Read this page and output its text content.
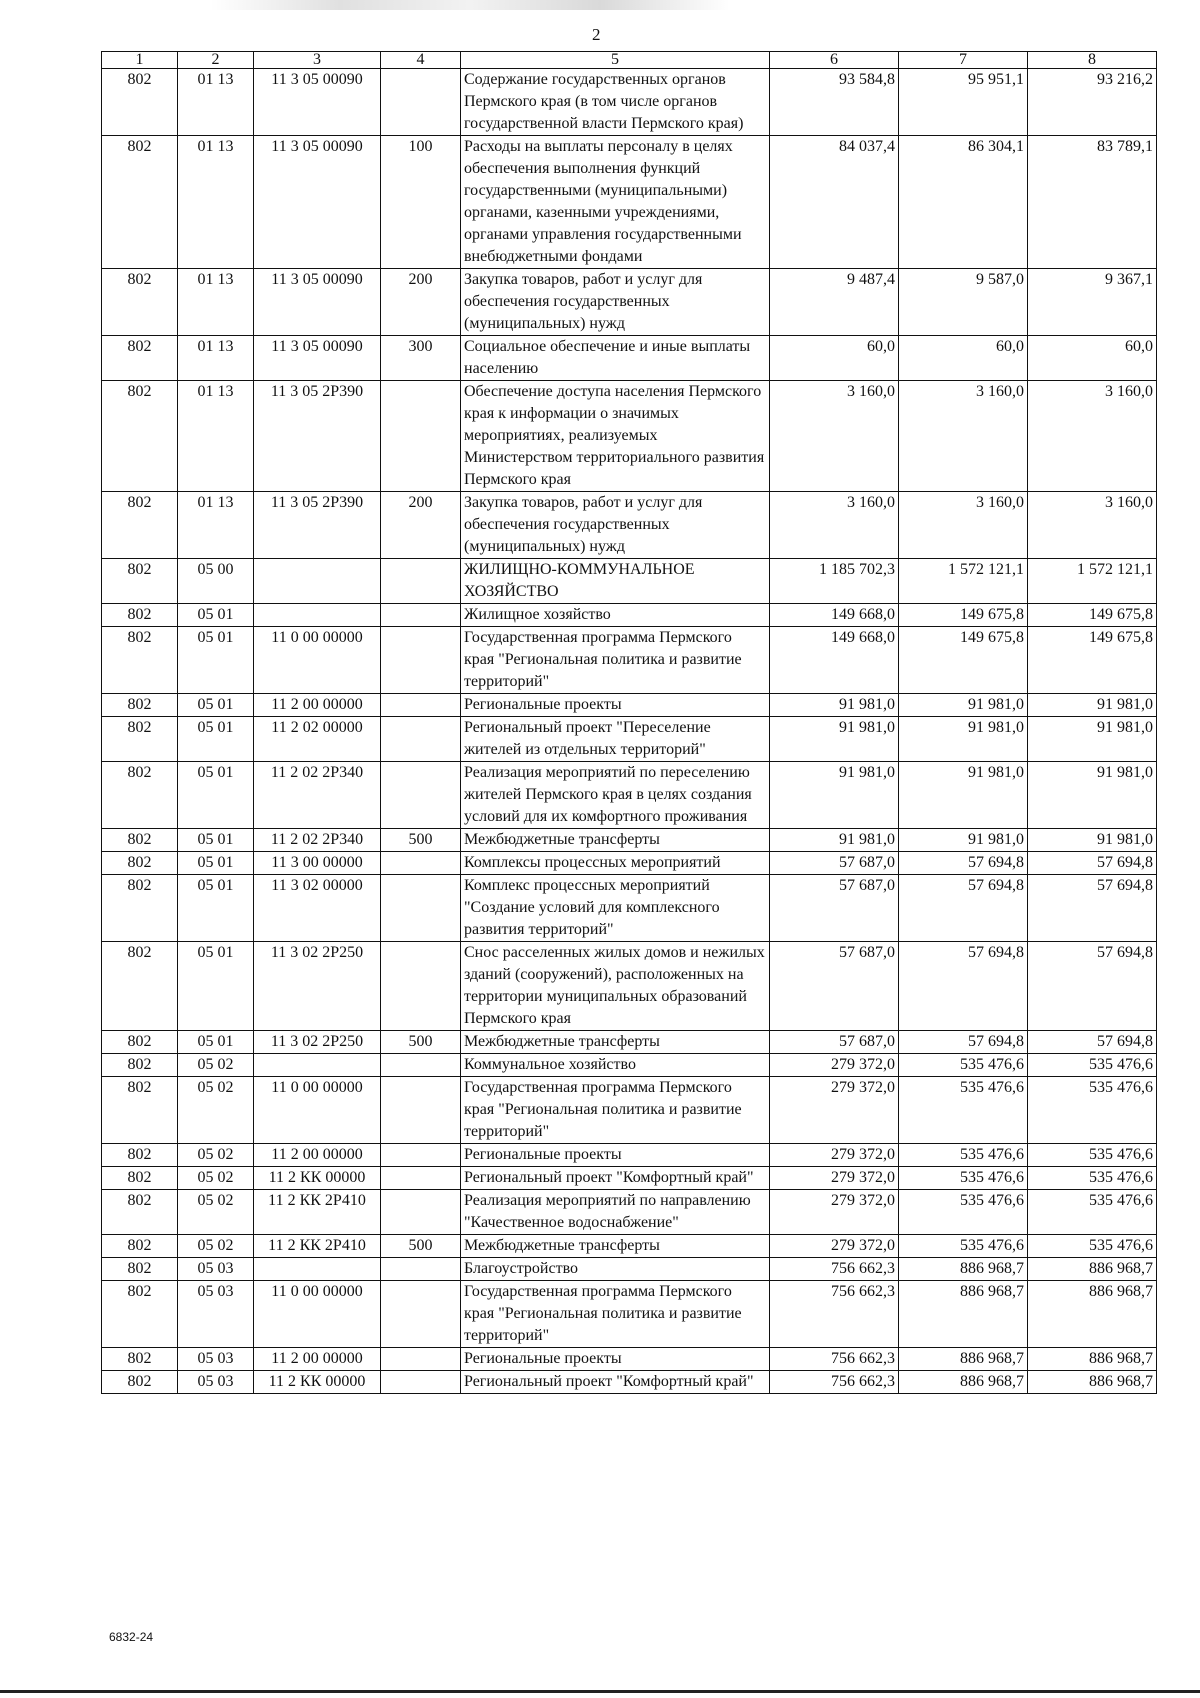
2
1	2	3	4	5	6	7	8
802	01 13	11 3 05 00090		Содержание государственных органов Пермского края (в том числе органов государственной власти Пермского края)	93 584,8	95 951,1	93 216,2
802	01 13	11 3 05 00090	100	Расходы на выплаты персоналу в целях обеспечения выполнения функций государственными (муниципальными) органами, казенными учреждениями, органами управления государственными внебюджетными фондами	84 037,4	86 304,1	83 789,1
802	01 13	11 3 05 00090	200	Закупка товаров, работ и услуг для обеспечения государственных (муниципальных) нужд	9 487,4	9 587,0	9 367,1
802	01 13	11 3 05 00090	300	Социальное обеспечение и иные выплаты населению	60,0	60,0	60,0
802	01 13	11 3 05 2Р390		Обеспечение доступа населения Пермского края к информации о значимых мероприятиях, реализуемых Министерством территориального развития Пермского края	3 160,0	3 160,0	3 160,0
802	01 13	11 3 05 2Р390	200	Закупка товаров, работ и услуг для обеспечения государственных (муниципальных) нужд	3 160,0	3 160,0	3 160,0
802	05 00			ЖИЛИЩНО-КОММУНАЛЬНОЕ ХОЗЯЙСТВО	1 185 702,3	1 572 121,1	1 572 121,1
802	05 01			Жилищное хозяйство	149 668,0	149 675,8	149 675,8
802	05 01	11 0 00 00000		Государственная программа Пермского края "Региональная политика и развитие территорий"	149 668,0	149 675,8	149 675,8
802	05 01	11 2 00 00000		Региональные проекты	91 981,0	91 981,0	91 981,0
802	05 01	11 2 02 00000		Региональный проект "Переселение жителей из отдельных территорий"	91 981,0	91 981,0	91 981,0
802	05 01	11 2 02 2Р340		Реализация мероприятий по переселению жителей Пермского края в целях создания условий для их комфортного проживания	91 981,0	91 981,0	91 981,0
802	05 01	11 2 02 2Р340	500	Межбюджетные трансферты	91 981,0	91 981,0	91 981,0
802	05 01	11 3 00 00000		Комплексы процессных мероприятий	57 687,0	57 694,8	57 694,8
802	05 01	11 3 02 00000		Комплекс процессных мероприятий "Создание условий для комплексного развития территорий"	57 687,0	57 694,8	57 694,8
802	05 01	11 3 02 2Р250		Снос расселенных жилых домов и нежилых зданий (сооружений), расположенных на территории муниципальных образований Пермского края	57 687,0	57 694,8	57 694,8
802	05 01	11 3 02 2Р250	500	Межбюджетные трансферты	57 687,0	57 694,8	57 694,8
802	05 02			Коммунальное хозяйство	279 372,0	535 476,6	535 476,6
802	05 02	11 0 00 00000		Государственная программа Пермского края "Региональная политика и развитие территорий"	279 372,0	535 476,6	535 476,6
802	05 02	11 2 00 00000		Региональные проекты	279 372,0	535 476,6	535 476,6
802	05 02	11 2 КК 00000		Региональный проект "Комфортный край"	279 372,0	535 476,6	535 476,6
802	05 02	11 2 КК 2Р410		Реализация мероприятий по направлению "Качественное водоснабжение"	279 372,0	535 476,6	535 476,6
802	05 02	11 2 КК 2Р410	500	Межбюджетные трансферты	279 372,0	535 476,6	535 476,6
802	05 03			Благоустройство	756 662,3	886 968,7	886 968,7
802	05 03	11 0 00 00000		Государственная программа Пермского края "Региональная политика и развитие территорий"	756 662,3	886 968,7	886 968,7
802	05 03	11 2 00 00000		Региональные проекты	756 662,3	886 968,7	886 968,7
802	05 03	11 2 КК 00000		Региональный проект "Комфортный край"	756 662,3	886 968,7	886 968,7
6832-24
